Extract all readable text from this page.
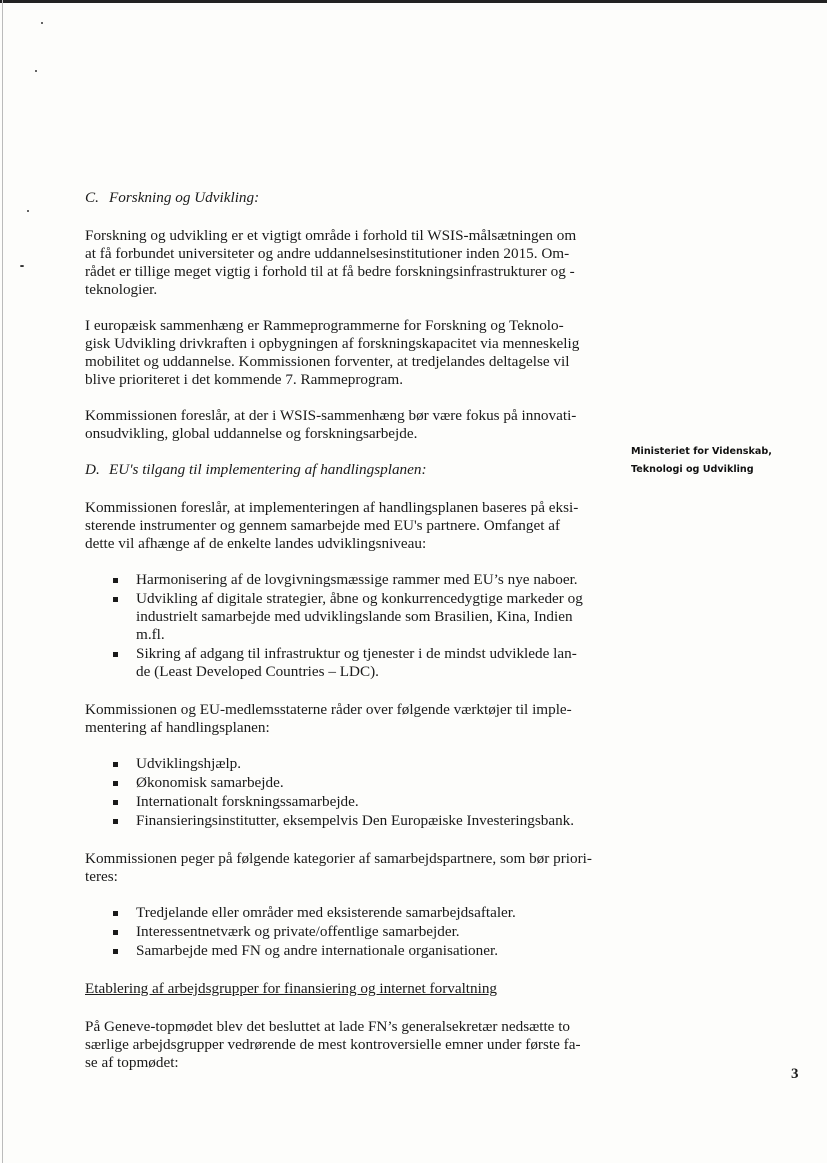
C. Forskning og Udvikling:
Forskning og udvikling er et vigtigt område i forhold til WSIS-målsætningen om
at få forbundet universiteter og andre uddannelsesinstitutioner inden 2015. Om-
rådet er tillige meget vigtig i forhold til at få bedre forskningsinfrastrukturer og -
teknologier.
I europæisk sammenhæng er Rammeprogrammerne for Forskning og Teknolo-
gisk Udvikling drivkraften i opbygningen af forskningskapacitet via menneskelig
mobilitet og uddannelse. Kommissionen forventer, at tredjelandes deltagelse vil
blive prioriteret i det kommende 7. Rammeprogram.
Kommissionen foreslår, at der i WSIS-sammenhæng bør være fokus på innovati-
onsudvikling, global uddannelse og forskningsarbejde.
D. EU's tilgang til implementering af handlingsplanen:
Kommissionen foreslår, at implementeringen af handlingsplanen baseres på eksi-
sterende instrumenter og gennem samarbejde med EU's partnere. Omfanget af
dette vil afhænge af de enkelte landes udviklingsniveau:
Harmonisering af de lovgivningsmæssige rammer med EU’s nye naboer.
Udvikling af digitale strategier, åbne og konkurrencedygtige markeder og
industrielt samarbejde med udviklingslande som Brasilien, Kina, Indien
m.fl.
Sikring af adgang til infrastruktur og tjenester i de mindst udviklede lan-
de (Least Developed Countries – LDC).
Kommissionen og EU-medlemsstaterne råder over følgende værktøjer til imple-
mentering af handlingsplanen:
Udviklingshjælp.
Økonomisk samarbejde.
Internationalt forskningssamarbejde.
Finansieringsinstitutter, eksempelvis Den Europæiske Investeringsbank.
Kommissionen peger på følgende kategorier af samarbejdspartnere, som bør priori-
teres:
Tredjelande eller områder med eksisterende samarbejdsaftaler.
Interessentnetværk og private/offentlige samarbejder.
Samarbejde med FN og andre internationale organisationer.
Etablering af arbejdsgrupper for finansiering og internet forvaltning
På Geneve-topmødet blev det besluttet at lade FN’s generalsekretær nedsætte to
særlige arbejdsgrupper vedrørende de mest kontroversielle emner under første fa-
se af topmødet:
Ministeriet for Videnskab,
Teknologi og Udvikling
3
